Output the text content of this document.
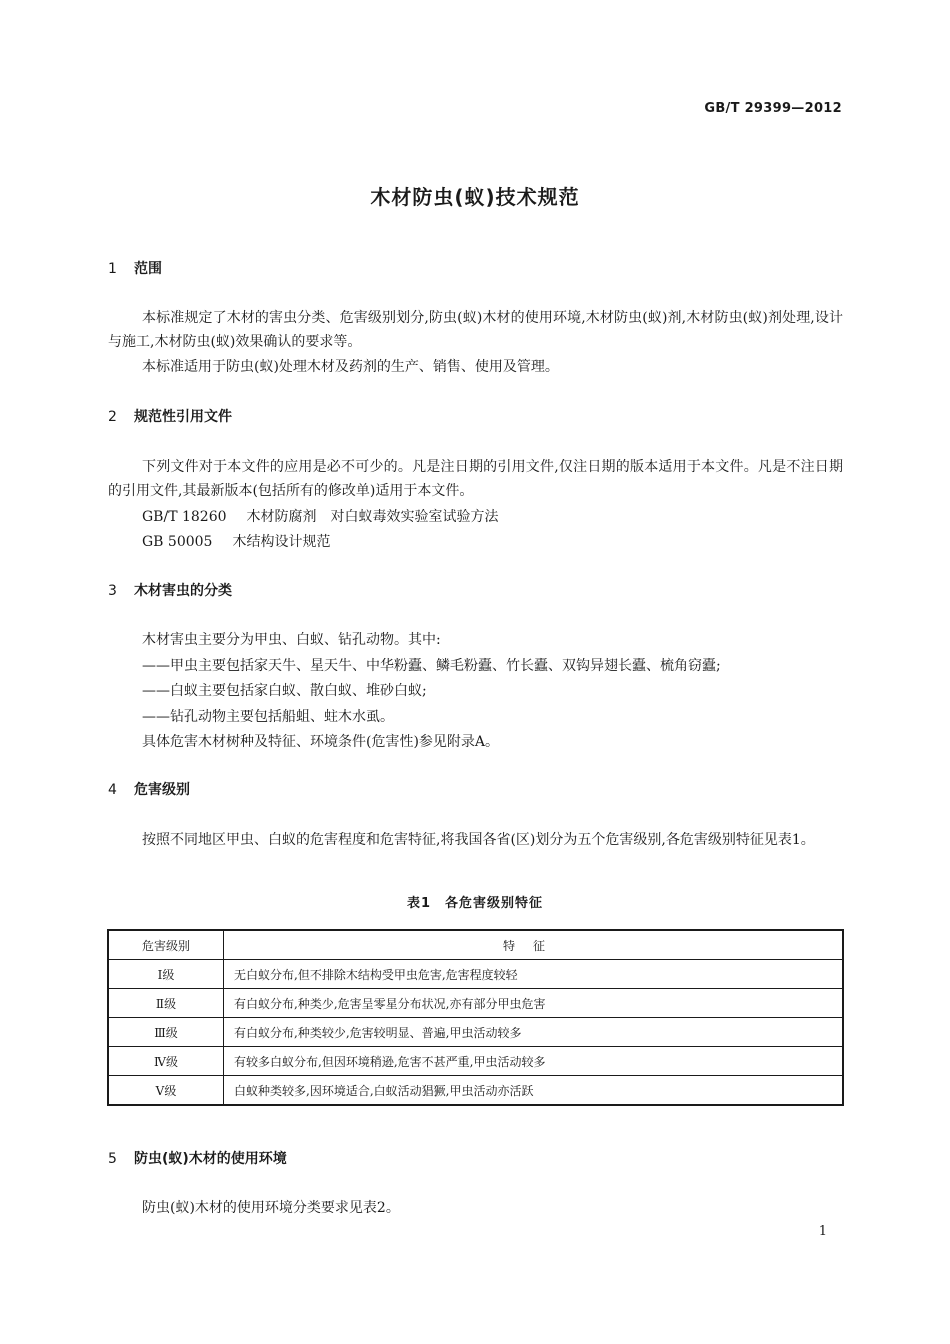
GB/T 29399—2012
木材防虫(蚁)技术规范
1 范围
本标准规定了木材的害虫分类、危害级别划分,防虫(蚁)木材的使用环境,木材防虫(蚁)剂,木材防虫(蚁)剂处理,设计与施工,木材防虫(蚁)效果确认的要求等。
本标准适用于防虫(蚁)处理木材及药剂的生产、销售、使用及管理。
2 规范性引用文件
下列文件对于本文件的应用是必不可少的。凡是注日期的引用文件,仅注日期的版本适用于本文件。凡是不注日期的引用文件,其最新版本(包括所有的修改单)适用于本文件。
GB/T 18260 木材防腐剂　对白蚁毒效实验室试验方法
GB 50005 木结构设计规范
3 木材害虫的分类
木材害虫主要分为甲虫、白蚁、钻孔动物。其中:
——甲虫主要包括家天牛、星天牛、中华粉蠹、鳞毛粉蠹、竹长蠹、双钩异翅长蠹、梳角窃蠹;
——白蚁主要包括家白蚁、散白蚁、堆砂白蚁;
——钻孔动物主要包括船蛆、蛀木水虱。
具体危害木材树种及特征、环境条件(危害性)参见附录A。
4 危害级别
按照不同地区甲虫、白蚁的危害程度和危害特征,将我国各省(区)划分为五个危害级别,各危害级别特征见表1。
表1　各危害级别特征
危害级别	特征
Ⅰ级	无白蚁分布,但不排除木结构受甲虫危害,危害程度较轻
Ⅱ级	有白蚁分布,种类少,危害呈零星分布状况,亦有部分甲虫危害
Ⅲ级	有白蚁分布,种类较少,危害较明显、普遍,甲虫活动较多
Ⅳ级	有较多白蚁分布,但因环境稍逊,危害不甚严重,甲虫活动较多
Ⅴ级	白蚁种类较多,因环境适合,白蚁活动猖獗,甲虫活动亦活跃
5 防虫(蚁)木材的使用环境
防虫(蚁)木材的使用环境分类要求见表2。
1
